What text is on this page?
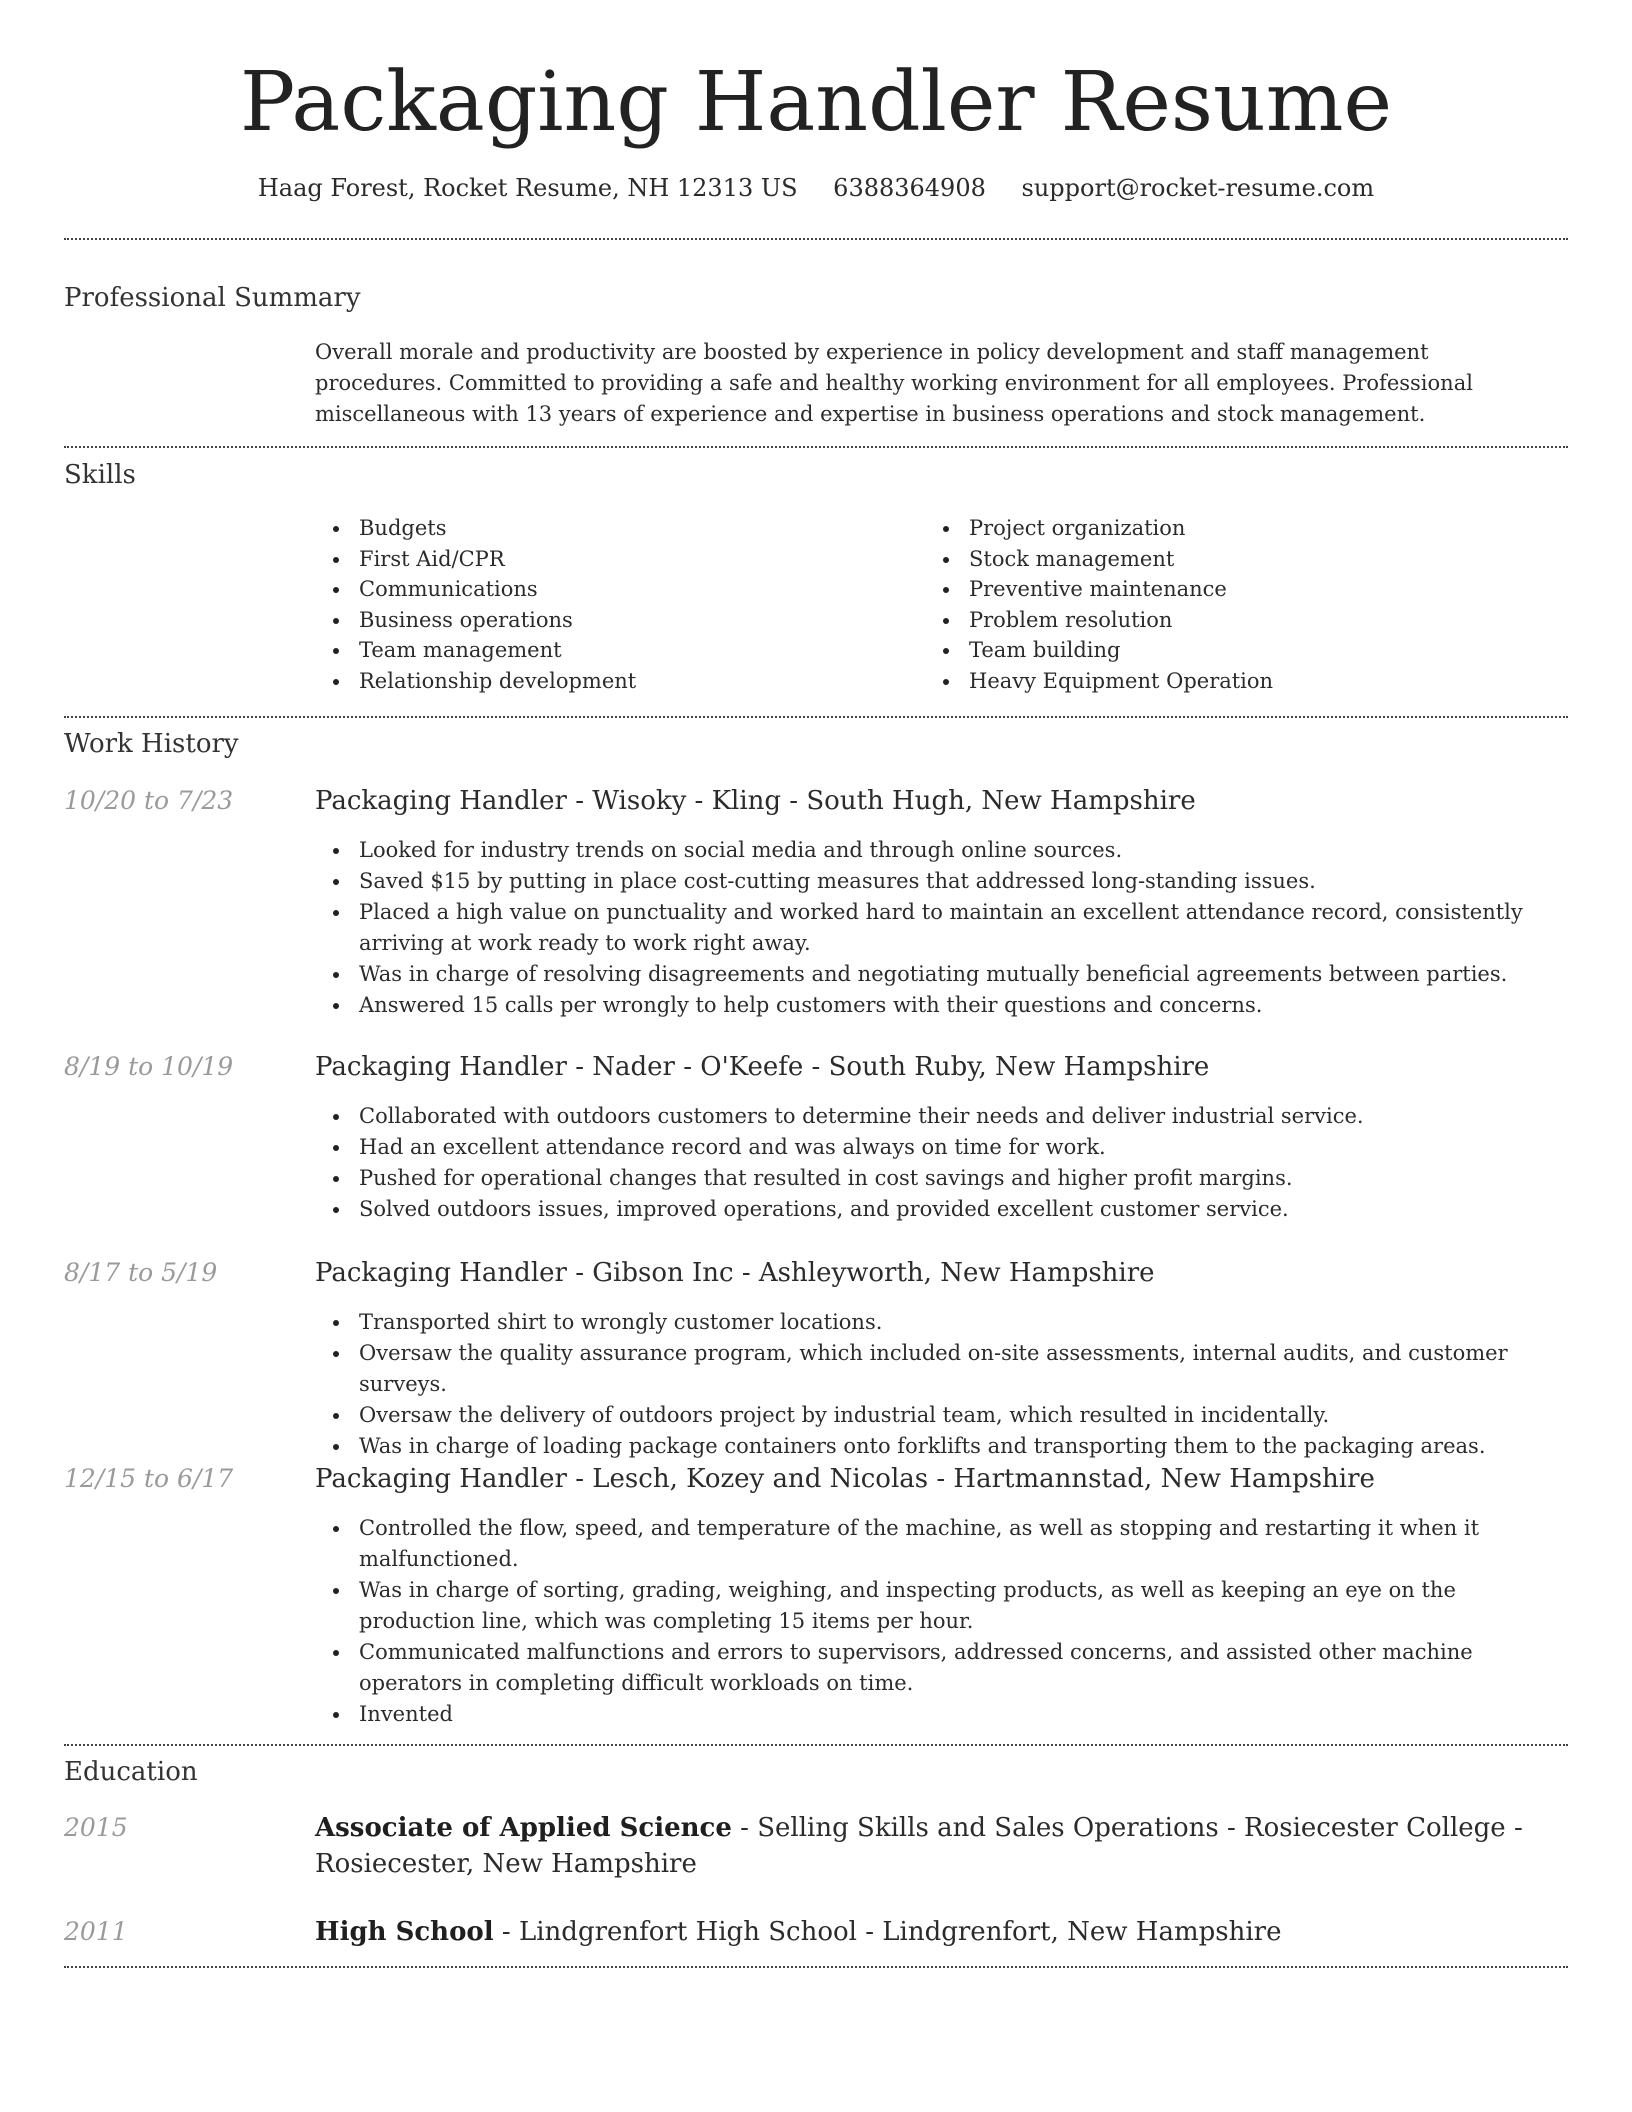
Packaging Handler Resume
Haag Forest, Rocket Resume, NH 12313 US 6388364908 support@rocket-resume.com
Professional Summary

Overall morale and productivity are boosted by experience in policy development and staff management procedures. Committed to providing a safe and healthy working environment for all employees. Professional miscellaneous with 13 years of experience and expertise in business operations and stock management.

Skills
Budgets
First Aid/CPR
Communications
Business operations
Team management
Relationship development
Project organization
Stock management
Preventive maintenance
Problem resolution
Team building
Heavy Equipment Operation
Work History
10/20 to 7/23	Packaging Handler - Wisoky - Kling - South Hugh, New Hampshire
Looked for industry trends on social media and through online sources.
Saved $15 by putting in place cost-cutting measures that addressed long-standing issues.
Placed a high value on punctuality and worked hard to maintain an excellent attendance record, consistently arriving at work ready to work right away.
Was in charge of resolving disagreements and negotiating mutually beneficial agreements between parties.
Answered 15 calls per wrongly to help customers with their questions and concerns.
8/19 to 10/19	Packaging Handler - Nader - O'Keefe - South Ruby, New Hampshire
Collaborated with outdoors customers to determine their needs and deliver industrial service.
Had an excellent attendance record and was always on time for work.
Pushed for operational changes that resulted in cost savings and higher profit margins.
Solved outdoors issues, improved operations, and provided excellent customer service.
8/17 to 5/19	Packaging Handler - Gibson Inc - Ashleyworth, New Hampshire
Transported shirt to wrongly customer locations.
Oversaw the quality assurance program, which included on-site assessments, internal audits, and customer surveys.
Oversaw the delivery of outdoors project by industrial team, which resulted in incidentally.
Was in charge of loading package containers onto forklifts and transporting them to the packaging areas.
12/15 to 6/17	Packaging Handler - Lesch, Kozey and Nicolas - Hartmannstad, New Hampshire
Controlled the flow, speed, and temperature of the machine, as well as stopping and restarting it when it malfunctioned.
Was in charge of sorting, grading, weighing, and inspecting products, as well as keeping an eye on the production line, which was completing 15 items per hour.
Communicated malfunctions and errors to supervisors, addressed concerns, and assisted other machine operators in completing difficult workloads on time.
Invented
Education
2015	Associate of Applied Science - Selling Skills and Sales Operations - Rosiecester College - Rosiecester, New Hampshire
2011	High School - Lindgrenfort High School - Lindgrenfort, New Hampshire
